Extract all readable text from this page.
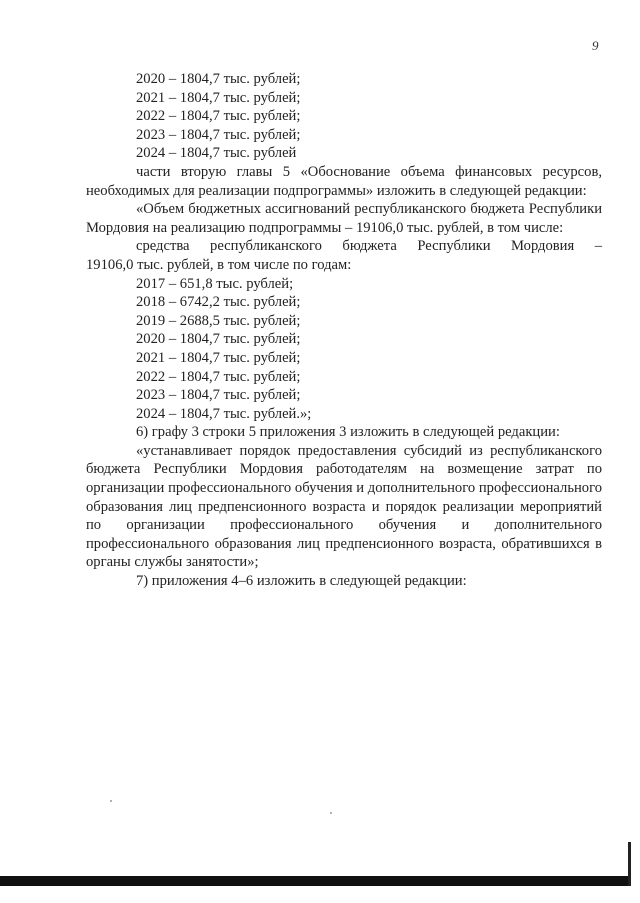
9
2020 – 1804,7 тыс. рублей;
2021 – 1804,7 тыс. рублей;
2022 – 1804,7 тыс. рублей;
2023 – 1804,7 тыс. рублей;
2024 – 1804,7 тыс. рублей

части вторую главы 5 «Обоснование объема финансовых ресурсов, необходимых для реализации подпрограммы» изложить в следующей редакции:

«Объем бюджетных ассигнований республиканского бюджета Республики Мордовия на реализацию подпрограммы – 19106,0 тыс. рублей, в том числе:

средства республиканского бюджета Республики Мордовия –
19106,0 тыс. рублей, в том числе по годам:
2017 – 651,8 тыс. рублей;
2018 – 6742,2 тыс. рублей;
2019 – 2688,5 тыс. рублей;
2020 – 1804,7 тыс. рублей;
2021 – 1804,7 тыс. рублей;
2022 – 1804,7 тыс. рублей;
2023 – 1804,7 тыс. рублей;
2024 – 1804,7 тыс. рублей.»;

6) графу 3 строки 5 приложения 3 изложить в следующей редакции:

«устанавливает порядок предоставления субсидий из республиканского бюджета Республики Мордовия работодателям на возмещение затрат по организации профессионального обучения и дополнительного профессионального образования лиц предпенсионного возраста и порядок реализации мероприятий по организации профессионального обучения и дополнительного профессионального образования лиц предпенсионного возраста, обратившихся в органы службы занятости»;

7) приложения 4–6 изложить в следующей редакции:
